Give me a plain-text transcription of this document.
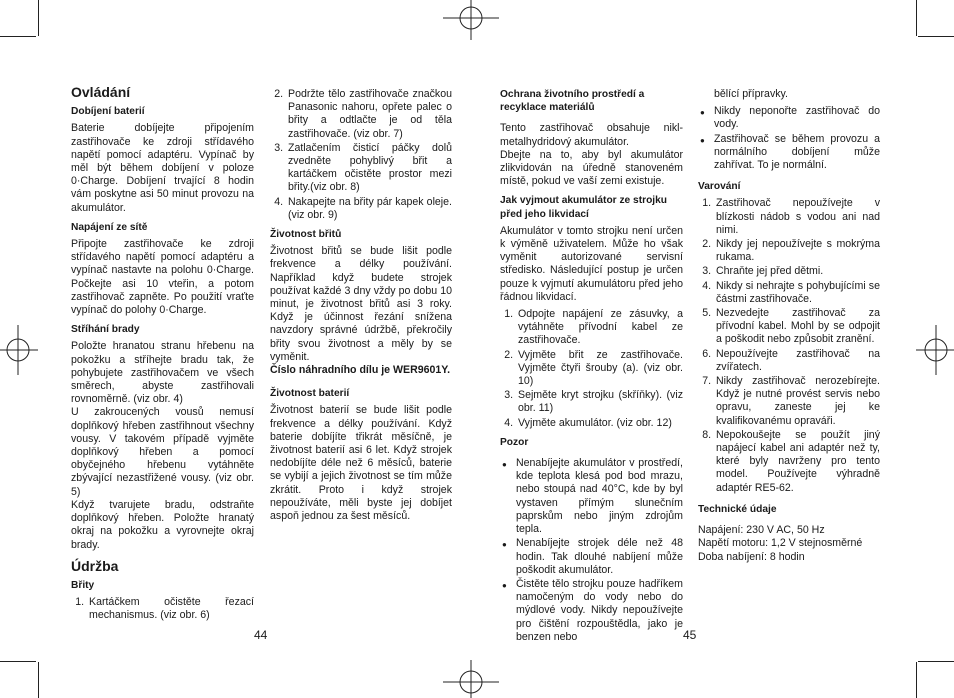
Ovládání
Dobíjení baterií

Baterie dobíjejte připojením zastřihovače ke zdroji střídavého napětí pomocí adaptéru. Vypínač by měl být během dobíjení v poloze 0·Charge. Dobíjení trvající 8 hodin vám poskytne asi 50 minut provozu na akumulátor.

Napájení ze sítě

Připojte zastřihovače ke zdroji střídavého napětí pomocí adaptéru a vypínač nastavte na polohu 0·Charge. Počkejte asi 10 vteřin, a potom zastřihovač zapněte. Po použití vraťte vypínač do polohy 0·Charge.

Stříhání brady

Položte hranatou stranu hřebenu na pokožku a stříhejte bradu tak, že pohybujete zastřihovačem ve všech směrech, abyste zastřihovali rovnoměrně. (viz obr. 4)

U zakroucených vousů nemusí doplňkový hřeben zastřihnout všechny vousy. V takovém případě vyjměte doplňkový hřeben a pomocí obyčejného hřebenu vytáhněte zbývající nezastřižené vousy. (viz obr. 5)

Když tvarujete bradu, odstraňte doplňkový hřeben. Položte hranatý okraj na pokožku a vyrovnejte okraj brady.

Údržba
Břity
1. Kartáčkem očistěte řezací mechanismus. (viz obr. 6)
2. Podržte tělo zastřihovače značkou Panasonic nahoru, opřete palec o břity a odtlačte je od těla zastřihovače. (viz obr. 7)
3. Zatlačením čisticí páčky dolů zvedněte pohyblivý břit a kartáčkem očistěte prostor mezi břity.(viz obr. 8)
4. Nakapejte na břity pár kapek oleje. (viz obr. 9)
Životnost břitů

Životnost břitů se bude lišit podle frekvence a délky používání. Například když budete strojek používat každé 3 dny vždy po dobu 10 minut, je životnost břitů asi 3 roky. Když je účinnost řezání snížena navzdory správné údržbě, překročily břity svou životnost a měly by se vyměnit.

Číslo náhradního dílu je WER9601Y.

Životnost baterií

Životnost baterií se bude lišit podle frekvence a délky používání. Když baterie dobíjíte třikrát měsíčně, je životnost baterií asi 6 let. Když strojek nedobíjíte déle než 6 měsíců, baterie se vybijí a jejich životnost se tím může zkrátit. Proto i když strojek nepoužíváte, měli byste jej dobíjet aspoň jednou za šest měsíců.

44
Ochrana životního prostředí a recyklace materiálů

Tento zastřihovač obsahuje nikl-metalhydridový akumulátor.

Dbejte na to, aby byl akumulátor zlikvidován na úředně stanoveném místě, pokud ve vaší zemi existuje.

Jak vyjmout akumulátor ze strojku před jeho likvidací

Akumulátor v tomto strojku není určen k výměně uživatelem. Může ho však vyměnit autorizované servisní středisko. Následující postup je určen pouze k vyjmutí akumulátoru před jeho řádnou likvidací.

1. Odpojte napájení ze zásuvky, a vytáhněte přívodní kabel ze zastřihovače.
2. Vyjměte břit ze zastřihovače. Vyjměte čtyři šrouby (a). (viz obr. 10)
3. Sejměte kryt strojku (skříňky). (viz obr. 11)
4. Vyjměte akumulátor. (viz obr. 12)
Pozor
● Nenabíjejte akumulátor v prostředí, kde teplota klesá pod bod mrazu, nebo stoupá nad 40°C, kde by byl vystaven přímým slunečním paprskům nebo jiným zdrojům tepla.
● Nenabíjejte strojek déle než 48 hodin. Tak dlouhé nabíjení může poškodit akumulátor.
● Čistěte tělo strojku pouze hadříkem namočeným do vody nebo do mýdlové vody. Nikdy nepoužívejte pro čištění rozpouštědla, jako je benzen nebo

bělící přípravky.

● Nikdy neponořte zastřihovač do vody.
● Zastřihovač se během provozu a normálního dobíjení může zahřívat. To je normální.
Varování
1. Zastřihovač nepoužívejte v blízkosti nádob s vodou ani nad nimi.
2. Nikdy jej nepoužívejte s mokrýma rukama.
3. Chraňte jej před dětmi.
4. Nikdy si nehrajte s pohybujícími se částmi zastřihovače.
5. Nezvedejte zastřihovač za přívodní kabel. Mohl by se odpojit a poškodit nebo způsobit zranění.
6. Nepoužívejte zastřihovač na zvířatech.
7. Nikdy zastřihovač nerozebírejte. Když je nutné provést servis nebo opravu, zaneste jej ke kvalifikovanému opraváři.
8. Nepokoušejte se použít jiný napájecí kabel ani adaptér než ty, které byly navrženy pro tento model. Používejte výhradně adaptér RE5-62.
Technické údaje
Napájení: 230 V AC, 50 Hz
Napětí motoru: 1,2 V stejnosměrné
Doba nabíjení: 8 hodin
45
